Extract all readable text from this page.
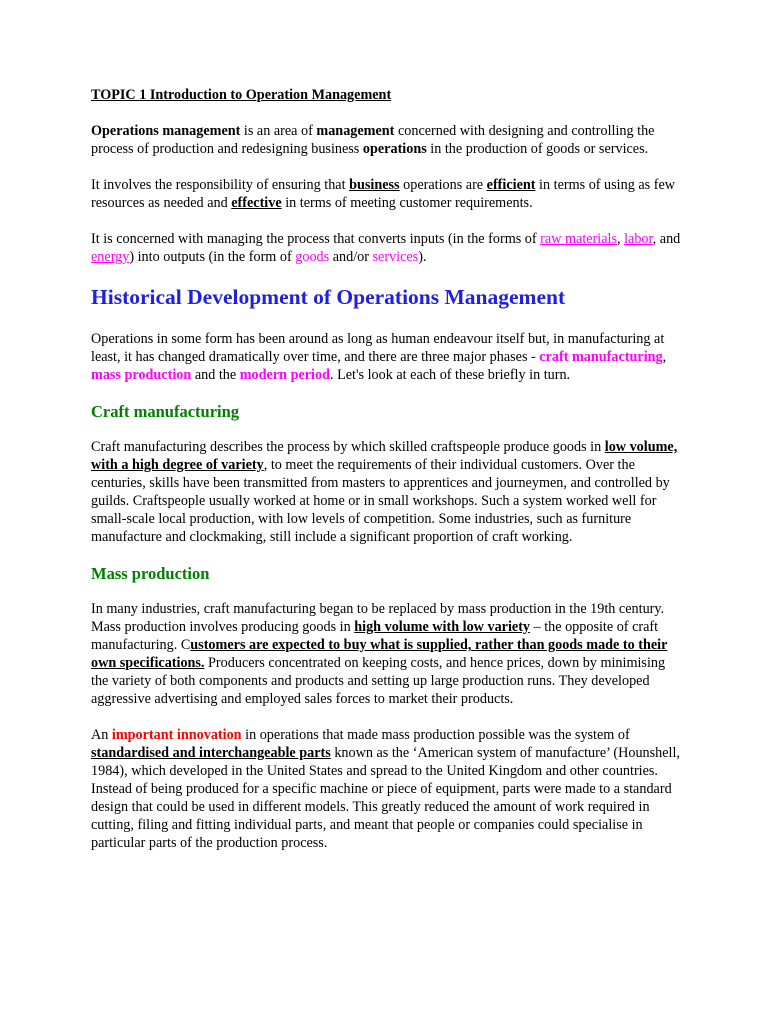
TOPIC 1 Introduction to Operation Management

Operations management is an area of management concerned with designing and controlling the process of production and redesigning business operations in the production of goods or services.

It involves the responsibility of ensuring that business operations are efficient in terms of using as few resources as needed and effective in terms of meeting customer requirements.

It is concerned with managing the process that converts inputs (in the forms of raw materials, labor, and energy) into outputs (in the form of goods and/or services).

Historical Development of Operations Management

Operations in some form has been around as long as human endeavour itself but, in manufacturing at least, it has changed dramatically over time, and there are three major phases - craft manufacturing, mass production and the modern period. Let's look at each of these briefly in turn.

Craft manufacturing

Craft manufacturing describes the process by which skilled craftspeople produce goods in low volume, with a high degree of variety, to meet the requirements of their individual customers. Over the centuries, skills have been transmitted from masters to apprentices and journeymen, and controlled by guilds. Craftspeople usually worked at home or in small workshops. Such a system worked well for small-scale local production, with low levels of competition. Some industries, such as furniture manufacture and clockmaking, still include a significant proportion of craft working.

Mass production

In many industries, craft manufacturing began to be replaced by mass production in the 19th century. Mass production involves producing goods in high volume with low variety – the opposite of craft manufacturing. Customers are expected to buy what is supplied, rather than goods made to their own specifications. Producers concentrated on keeping costs, and hence prices, down by minimising the variety of both components and products and setting up large production runs. They developed aggressive advertising and employed sales forces to market their products.

An important innovation in operations that made mass production possible was the system of standardised and interchangeable parts known as the ‘American system of manufacture’ (Hounshell, 1984), which developed in the United States and spread to the United Kingdom and other countries. Instead of being produced for a specific machine or piece of equipment, parts were made to a standard design that could be used in different models. This greatly reduced the amount of work required in cutting, filing and fitting individual parts, and meant that people or companies could specialise in particular parts of the production process.
